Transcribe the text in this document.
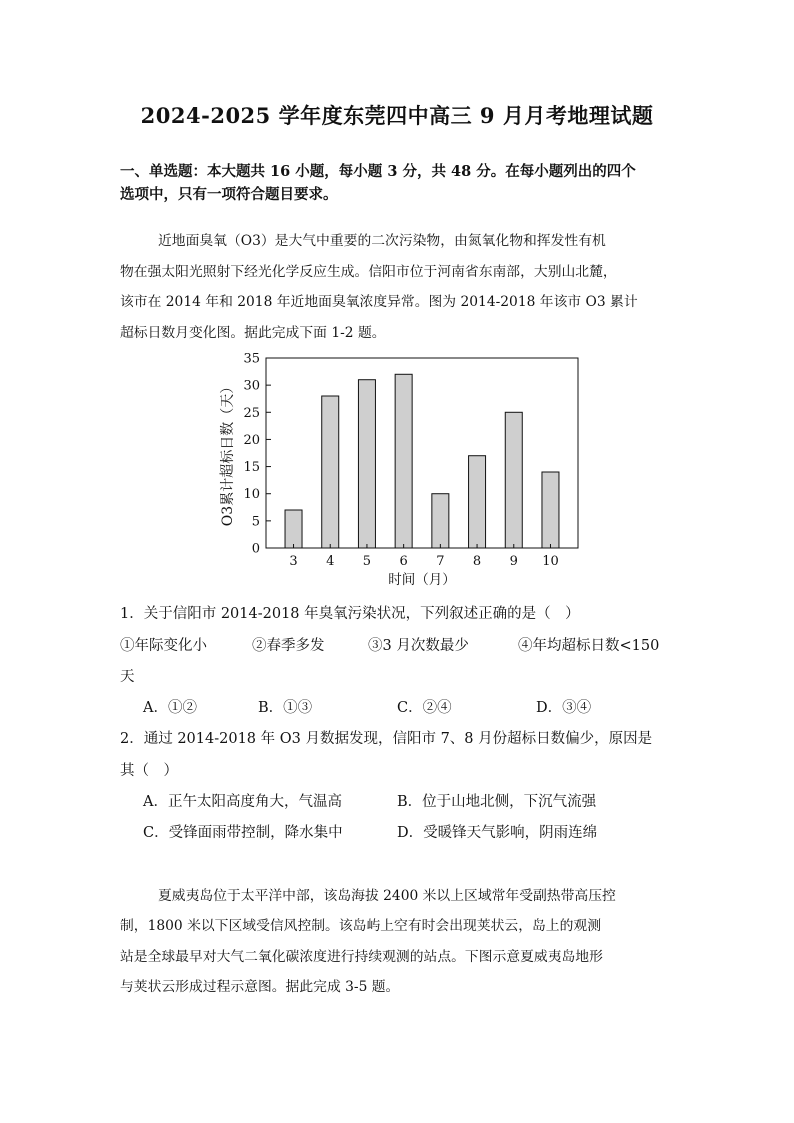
2024-2025 学年度东莞四中高三 9 月月考地理试题
一、单选题：本大题共 16 小题，每小题 3 分，共 48 分。在每小题列出的四个
选项中，只有一项符合题目要求。
近地面臭氧（O3）是大气中重要的二次污染物，由氮氧化物和挥发性有机
物在强太阳光照射下经光化学反应生成。信阳市位于河南省东南部，大别山北麓，
该市在 2014 年和 2018 年近地面臭氧浓度异常。图为 2014-2018 年该市 O3 累计
超标日数月变化图。据此完成下面 1-2 题。
0
5
10
15
20
25
30
35
3 4 5 6 7 8 9 10
时间（月）
O3累计超标日数（天）
1．关于信阳市 2014-2018 年臭氧污染状况，下列叙述正确的是（　）
①年际变化小	②春季多发	③3 月次数最少	④年均超标日数<150
天
A．①②	B．①③	C．②④	D．③④
2．通过 2014-2018 年 O3 月数据发现，信阳市 7、8 月份超标日数偏少，原因是
其（　）
A．正午太阳高度角大，气温高	B．位于山地北侧，下沉气流强
C．受锋面雨带控制，降水集中	D．受暖锋天气影响，阴雨连绵
夏威夷岛位于太平洋中部，该岛海拔 2400 米以上区域常年受副热带高压控
制，1800 米以下区域受信风控制。该岛屿上空有时会出现荚状云，岛上的观测
站是全球最早对大气二氧化碳浓度进行持续观测的站点。下图示意夏威夷岛地形
与荚状云形成过程示意图。据此完成 3-5 题。
